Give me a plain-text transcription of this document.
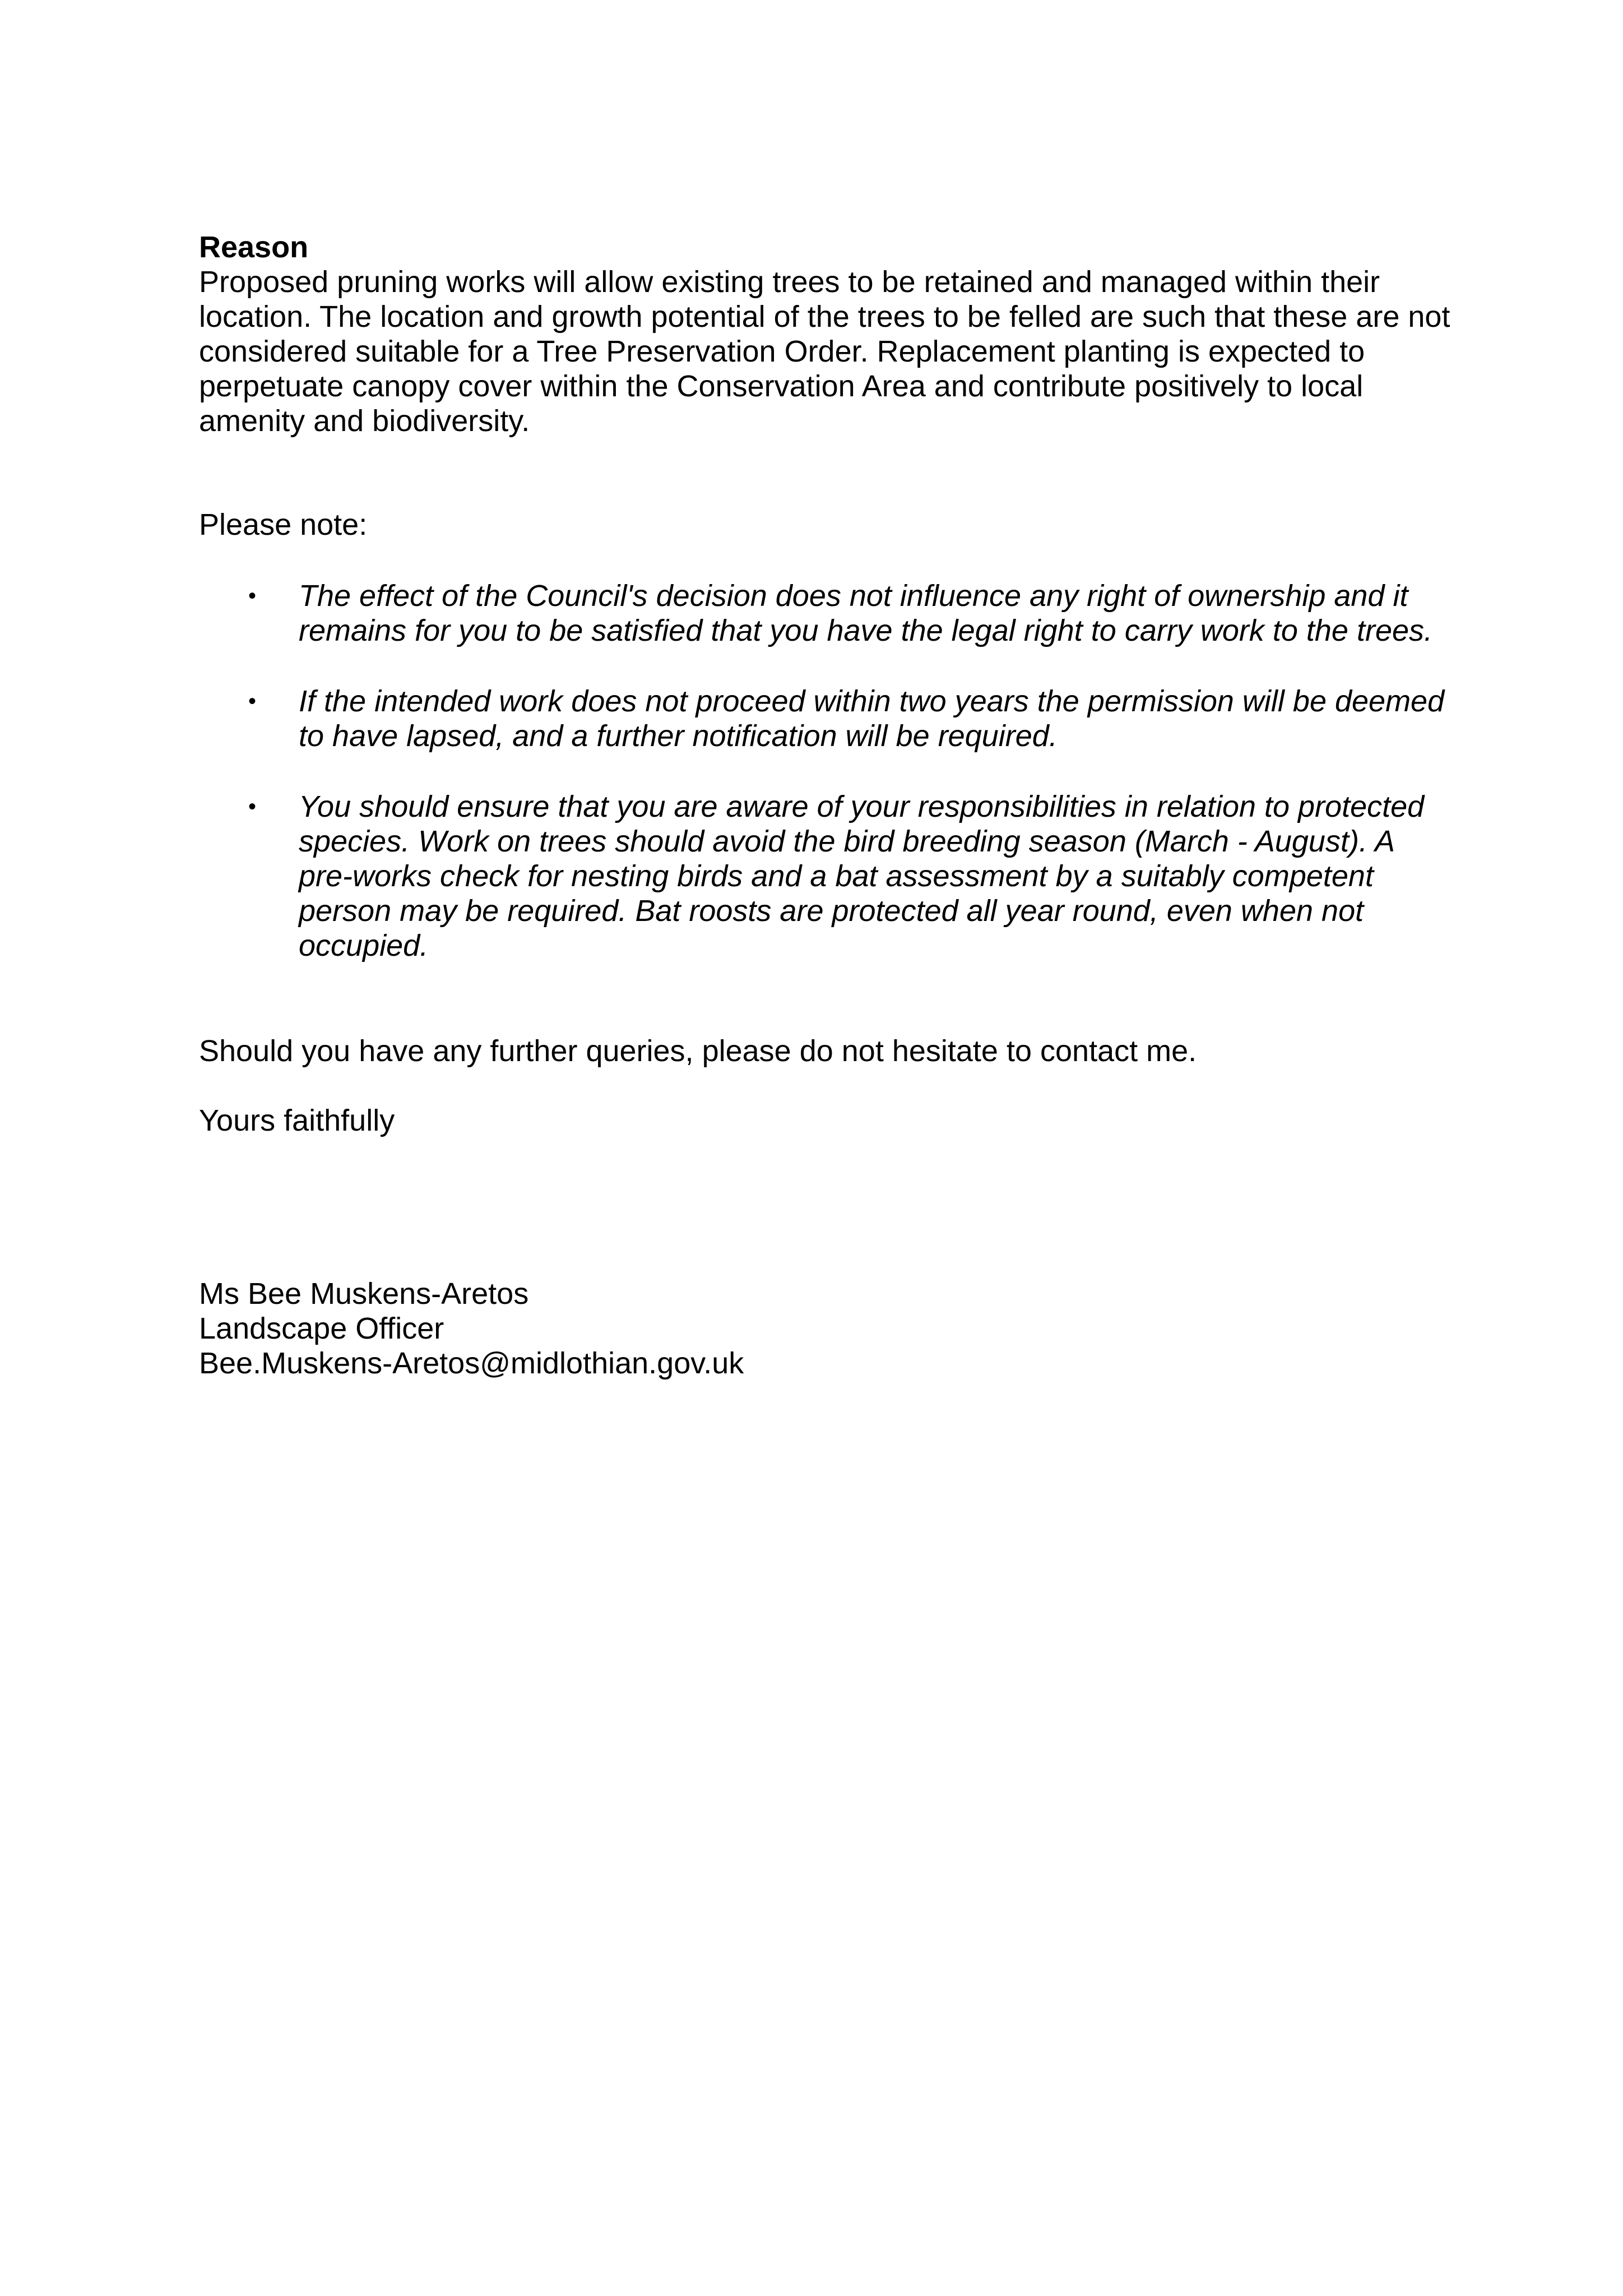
Reason
Proposed pruning works will allow existing trees to be retained and managed within their location. The location and growth potential of the trees to be felled are such that these are not considered suitable for a Tree Preservation Order. Replacement planting is expected to perpetuate canopy cover within the Conservation Area and contribute positively to local amenity and biodiversity.
Please note:
• The effect of the Council's decision does not influence any right of ownership and it remains for you to be satisfied that you have the legal right to carry work to the trees.
• If the intended work does not proceed within two years the permission will be deemed to have lapsed, and a further notification will be required.
• You should ensure that you are aware of your responsibilities in relation to protected species. Work on trees should avoid the bird breeding season (March - August). A pre-works check for nesting birds and a bat assessment by a suitably competent person may be required. Bat roosts are protected all year round, even when not occupied.
Should you have any further queries, please do not hesitate to contact me.
Yours faithfully
Ms Bee Muskens-Aretos
Landscape Officer
Bee.Muskens-Aretos@midlothian.gov.uk
